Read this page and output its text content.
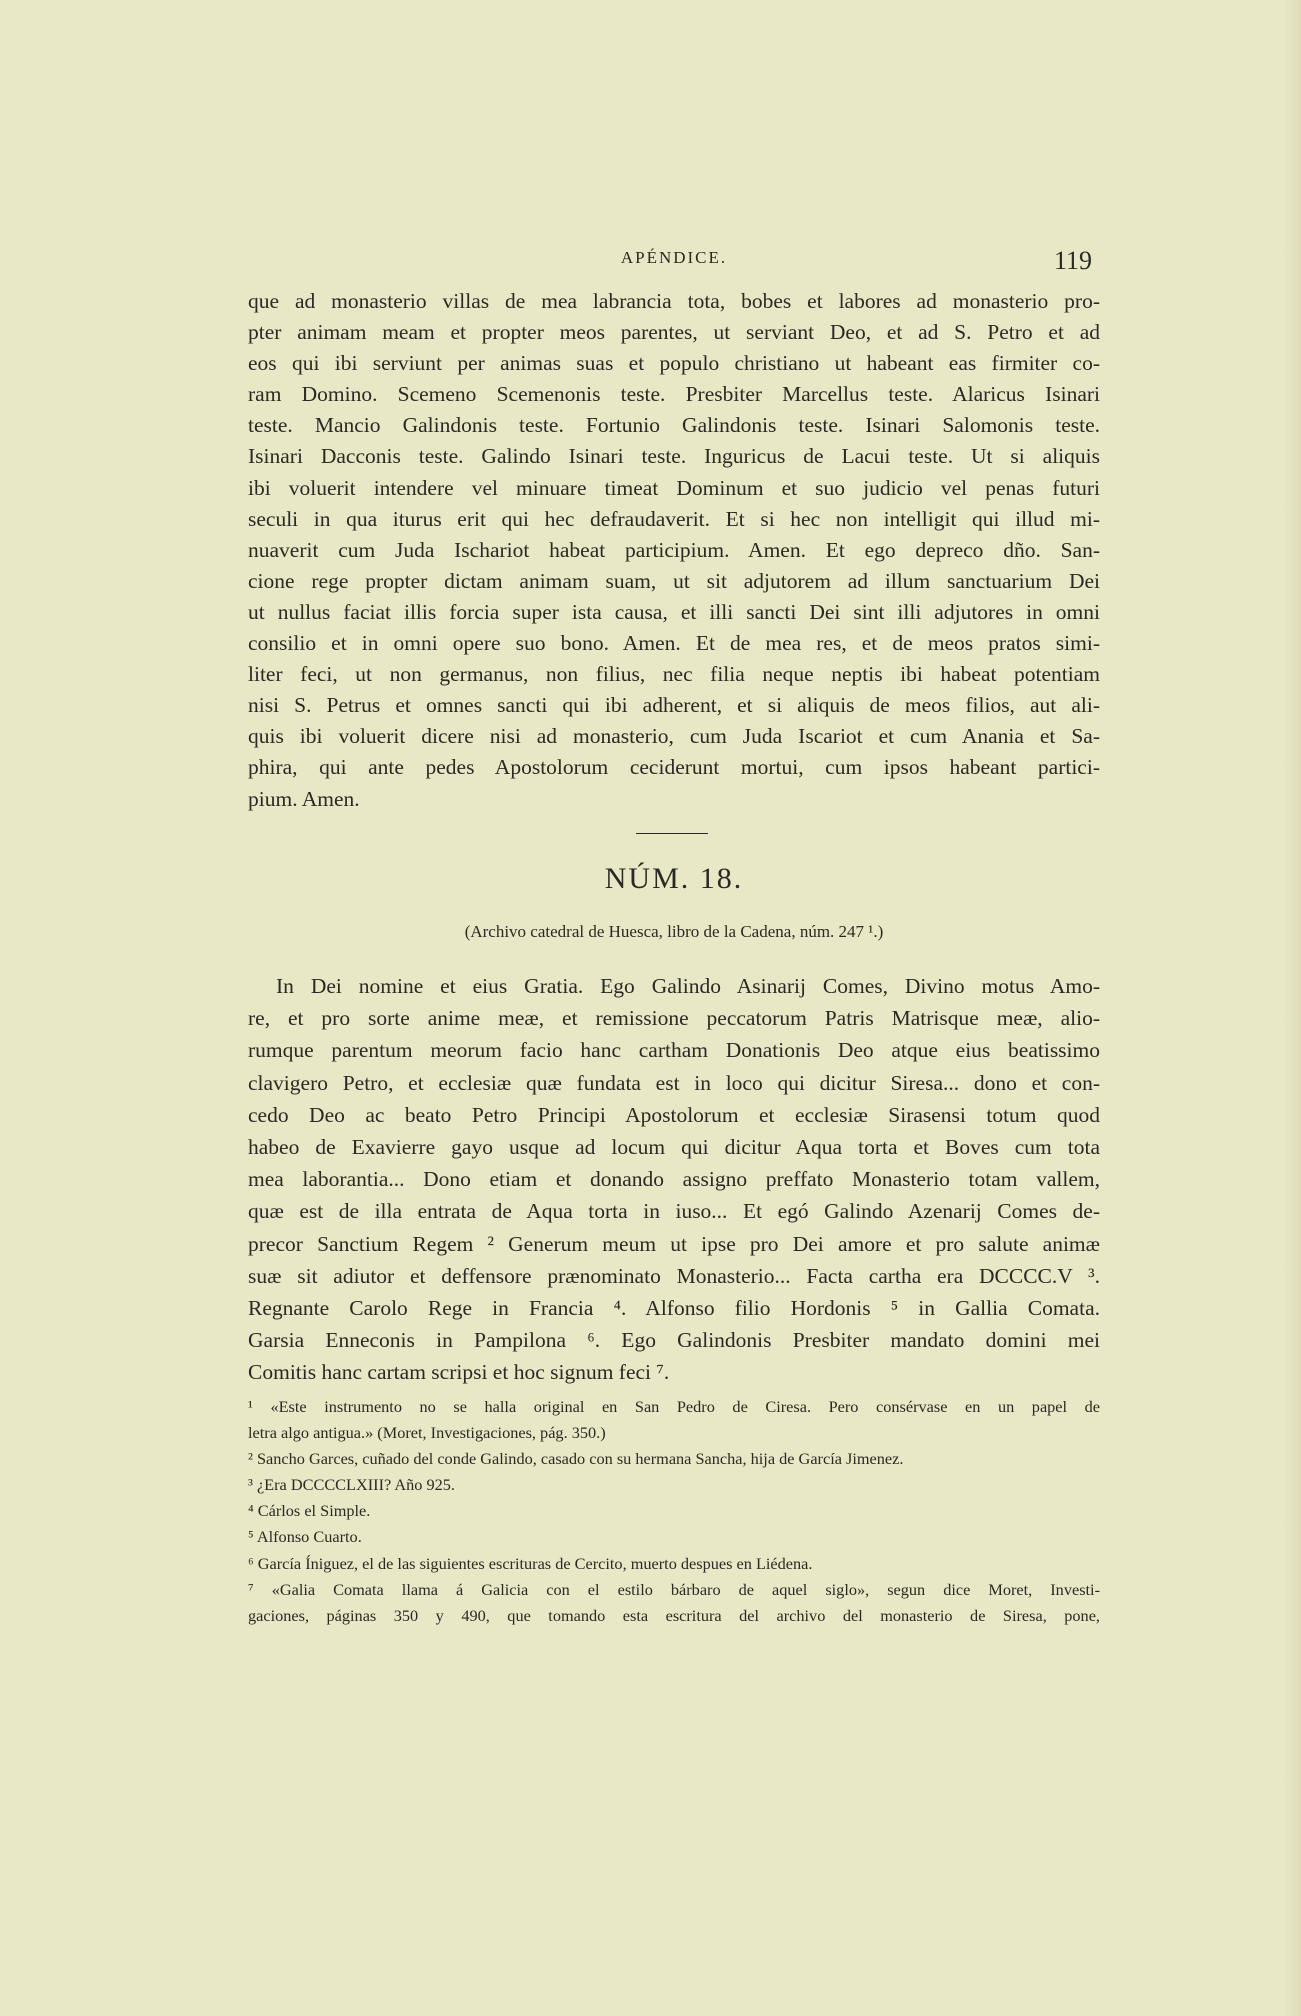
APÉNDICE.	119
que ad monasterio villas de mea labrancia tota, bobes et labores ad monasterio pro-
pter animam meam et propter meos parentes, ut serviant Deo, et ad S. Petro et ad
eos qui ibi serviunt per animas suas et populo christiano ut habeant eas firmiter co-
ram Domino. Scemeno Scemenonis teste. Presbiter Marcellus teste. Alaricus Isinari
teste. Mancio Galindonis teste. Fortunio Galindonis teste. Isinari Salomonis teste.
Isinari Dacconis teste. Galindo Isinari teste. Inguricus de Lacui teste. Ut si aliquis
ibi voluerit intendere vel minuare timeat Dominum et suo judicio vel penas futuri
seculi in qua iturus erit qui hec defraudaverit. Et si hec non intelligit qui illud mi-
nuaverit cum Juda Ischariot habeat participium. Amen. Et ego depreco dño. San-
cione rege propter dictam animam suam, ut sit adjutorem ad illum sanctuarium Dei
ut nullus faciat illis forcia super ista causa, et illi sancti Dei sint illi adjutores in omni
consilio et in omni opere suo bono. Amen. Et de mea res, et de meos pratos simi-
liter feci, ut non germanus, non filius, nec filia neque neptis ibi habeat potentiam
nisi S. Petrus et omnes sancti qui ibi adherent, et si aliquis de meos filios, aut ali-
quis ibi voluerit dicere nisi ad monasterio, cum Juda Iscariot et cum Anania et Sa-
phira, qui ante pedes Apostolorum ceciderunt mortui, cum ipsos habeant partici-
pium. Amen.
NÚM. 18.
(Archivo catedral de Huesca, libro de la Cadena, núm. 247 ¹.)
In Dei nomine et eius Gratia. Ego Galindo Asinarij Comes, Divino motus Amo-
re, et pro sorte anime meæ, et remissione peccatorum Patris Matrisque meæ, alio-
rumque parentum meorum facio hanc cartham Donationis Deo atque eius beatissimo
clavigero Petro, et ecclesiæ quæ fundata est in loco qui dicitur Siresa... dono et con-
cedo Deo ac beato Petro Principi Apostolorum et ecclesiæ Sirasensi totum quod
habeo de Exavierre gayo usque ad locum qui dicitur Aqua torta et Boves cum tota
mea laborantia... Dono etiam et donando assigno preffato Monasterio totam vallem,
quæ est de illa entrata de Aqua torta in iuso... Et egó Galindo Azenarij Comes de-
precor Sanctium Regem ² Generum meum ut ipse pro Dei amore et pro salute animæ
suæ sit adiutor et deffensore prænominato Monasterio... Facta cartha era DCCCC.V ³.
Regnante Carolo Rege in Francia ⁴. Alfonso filio Hordonis ⁵ in Gallia Comata.
Garsia Enneconis in Pampilona ⁶. Ego Galindonis Presbiter mandato domini mei
Comitis hanc cartam scripsi et hoc signum feci ⁷.
¹ «Este instrumento no se halla original en San Pedro de Ciresa. Pero consérvase en un papel de
letra algo antigua.» (Moret, Investigaciones, pág. 350.)
² Sancho Garces, cuñado del conde Galindo, casado con su hermana Sancha, hija de García Jimenez.
³ ¿Era DCCCCLXIII? Año 925.
⁴ Cárlos el Simple.
⁵ Alfonso Cuarto.
⁶ García Íniguez, el de las siguientes escrituras de Cercito, muerto despues en Liédena.
⁷ «Galia Comata llama á Galicia con el estilo bárbaro de aquel siglo», segun dice Moret, Investi-
gaciones, páginas 350 y 490, que tomando esta escritura del archivo del monasterio de Siresa, pone,
